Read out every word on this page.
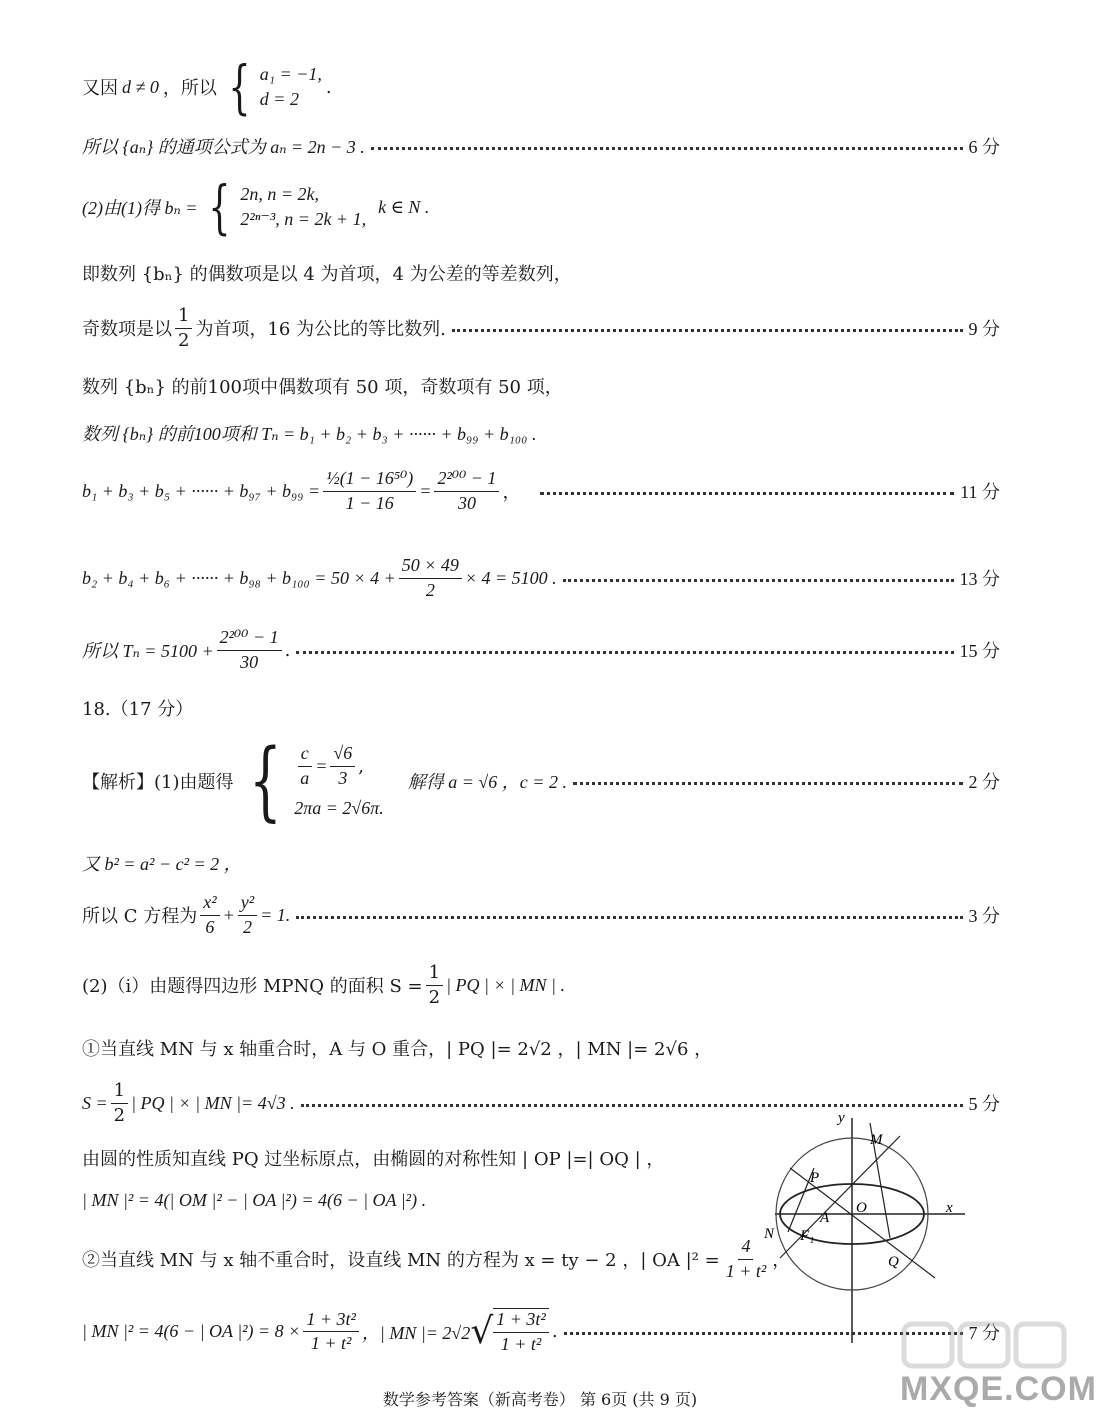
又因 d ≠ 0 ，所以 { a₁ = −1,
d = 2
.
所以 {aₙ} 的通项公式为 aₙ = 2n − 3 .	6 分
(2)由(1)得 bₙ = { 2n, n = 2k,
2²ⁿ⁻³, n = 2k + 1,
k ∈ N .
即数列 {bₙ} 的偶数项是以 4 为首项，4 为公差的等差数列，
奇数项是以 $\frac{1}{2}$ 为首项，16 为公比的等比数列.	9 分
数列 {bₙ} 的前100项中偶数项有 50 项，奇数项有 50 项，
数列 {bₙ} 的前100项和 Tₙ = b₁ + b₂ + b₃ + ······ + b₉₉ + b₁₀₀ .
b₁ + b₃ + b₅ + ······ + $b_{97} + b_{99} = \frac{\text{½(1 − 16⁵⁰)}}{1 - 16} = \frac{\text{2²⁰⁰ − 1}}{30}$ ，	11 分
b₂ + b₄ + b₆ + ······ + $b_{98} + b_{100} = 50 \times 4 + \frac{50 \times 49}{2} \times 4 = 5100$ .	13 分
所以 $T_n = 5100 + \frac{\text{2²⁰⁰ − 1}}{30}$ .	15 分
18.（17 分）
【解析】(1)由题得 { $\frac{c}{a} = \frac{√6}{3}$ ,
2πa = 2√6π.
解得 a = √6 ，c = 2 .	2 分
又 b² = a² − c² = 2 ，
所以 C 方程为 $\frac{\text{x²}}{6} + \frac{\text{y²}}{2} = 1$.	3 分
(2)（i）由题得四边形 MPNQ 的面积 $S = \frac{1}{2}$ | PQ | × | MN | .
①当直线 MN 与 x 轴重合时，A 与 O 重合，| PQ |= 2√2 ，| MN |= 2√6 ，
$S = \frac{1}{2}$ | PQ | × | MN |= 4√3 .	5 分
由圆的性质知直线 PQ 过坐标原点，由椭圆的对称性知 | OP |=| OQ | ，
| MN |² = 4(| OM |² − | OA |²) = 4(6 − | OA |²) .
②当直线 MN 与 x 轴不重合时，设直线 MN 的方程为 x = ty − 2 ，| OA $|^2 = \frac{4}{\text{1 + t²}}$ ，
| MN |² = 4(6 − | OA $|^2) = 8 \times \frac{\text{1 + 3t²}}{\text{1 + t²}}$ ，| MN |= 2√2 √ $\frac{\text{1 + 3t²}}{\text{1 + t²}}$ .	7 分
y
x
M
P
A
O
N F₁
Q
MXQE.COM
数学参考答案（新高考卷） 第 6页 (共 9 页)
